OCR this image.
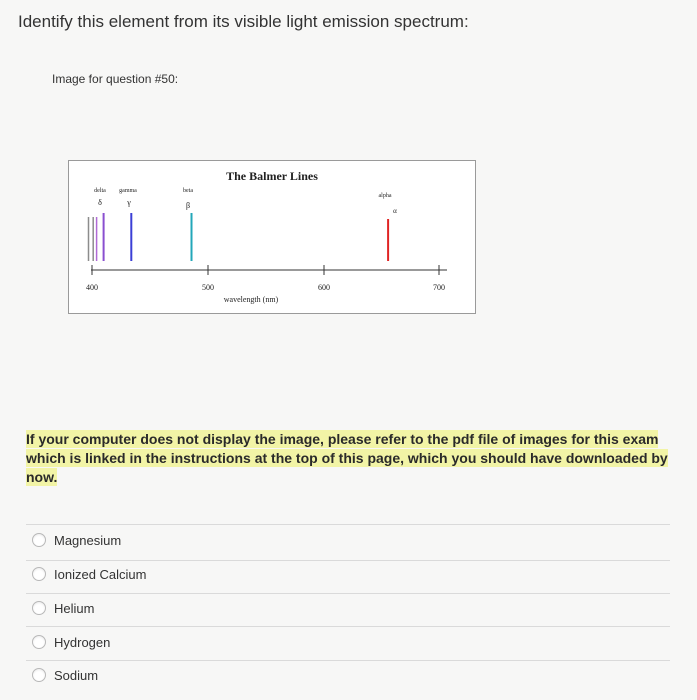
Identify this element from its visible light emission spectrum:
Image for question #50:
The Balmer Lines
400	500	600	700
wavelength (nm)
delta gamma	beta
alpha
δ	γ	β
α
If your computer does not display the image, please refer to the pdf file of images for this exam which is linked in the instructions at the top of this page, which you should have downloaded by now.
Magnesium
Ionized Calcium
Helium
Hydrogen
Sodium
